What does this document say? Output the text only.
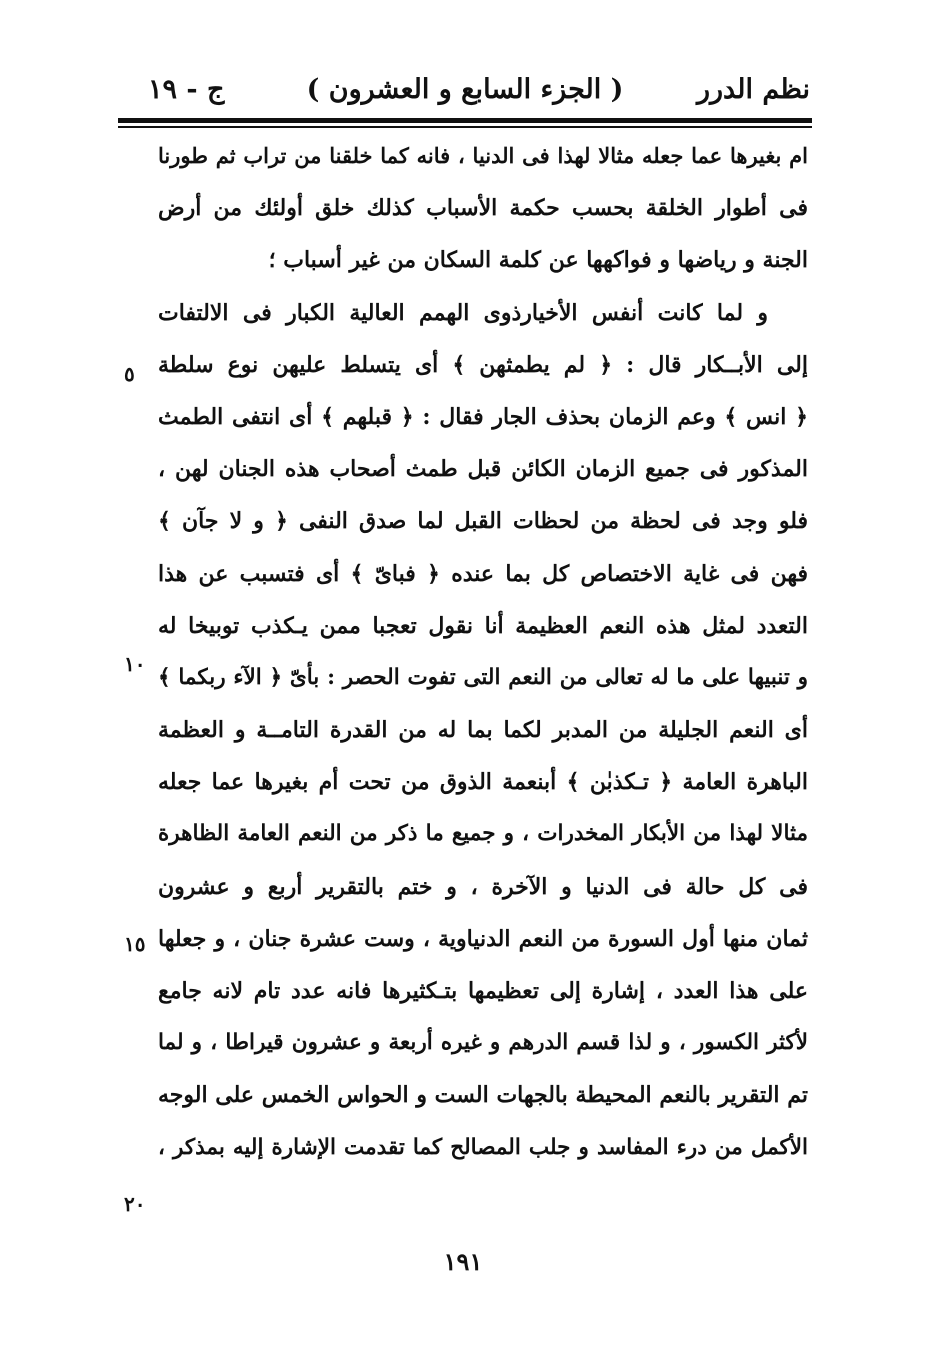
نظم الدرر
( الجزء السابع و العشرون )
ج - ١٩
ام بغيرها عما جعله مثالا لهذا فى الدنيا ، فانه كما خلقنا من تراب ثم طورنا
فى أطوار الخلقة بحسب حكمة الأسباب كذلك خلق أولئك من أرض
الجنة و رياضها و فواكهها عن كلمة السكان من غير أسباب ؛
و لما كانت أنفس الأخيارذوى الهمم العالية الكبار فى الالتفات
إلى الأبــكار قال : ﴿ لم يطمثهن ﴾ أى يتسلط عليهن نوع سلطة
﴿ انس ﴾ وعم الزمان بحذف الجار فقال : ﴿ قبلهم ﴾ أى انتفى الطمث
المذكور فى جميع الزمان الكائن قبل طمث أصحاب هذه الجنان لهن ،
فلو وجد فى لحظة من لحظات القبل لما صدق النفى ﴿ و لا جآن ﴾
فهن فى غاية الاختصاص كل بما عنده ﴿ فباىّ ﴾ أى فتسبب عن هذا
التعدد لمثل هذه النعم العظيمة أنا نقول تعجبا ممن يـكذب توبيخا له
و تنبيها على ما له تعالى من النعم التى تفوت الحصر : بأىّ ﴿ الآء ربكما ﴾
أى النعم الجليلة من المدبر لكما بما له من القدرة التامــة و العظمة
الباهرة العامة ﴿ تـكذبٰن ﴾ أبنعمة الذوق من تحت أم بغيرها عما جعله
مثالا لهذا من الأبكار المخدرات ، و جميع ما ذكر من النعم العامة الظاهرة
فى كل حالة فى الدنيا و الآخرة ، و ختم بالتقرير أربع و عشرون
ثمان منها أول السورة من النعم الدنياوية ، وست عشرة جنان ، و جعلها
على هذا العدد ، إشارة إلى تعظيمها بتـكثيرها فانه عدد تام لانه جامع
لأكثر الكسور ، و لذا قسم الدرهم و غيره أربعة و عشرون قيراطا ، و لما
تم التقرير بالنعم المحيطة بالجهات الست و الحواس الخمس على الوجه
الأكمل من درء المفاسد و جلب المصالح كما تقدمت الإشارة إليه بمذكر ،
٥
١٠
١٥
٢٠
١٩١
